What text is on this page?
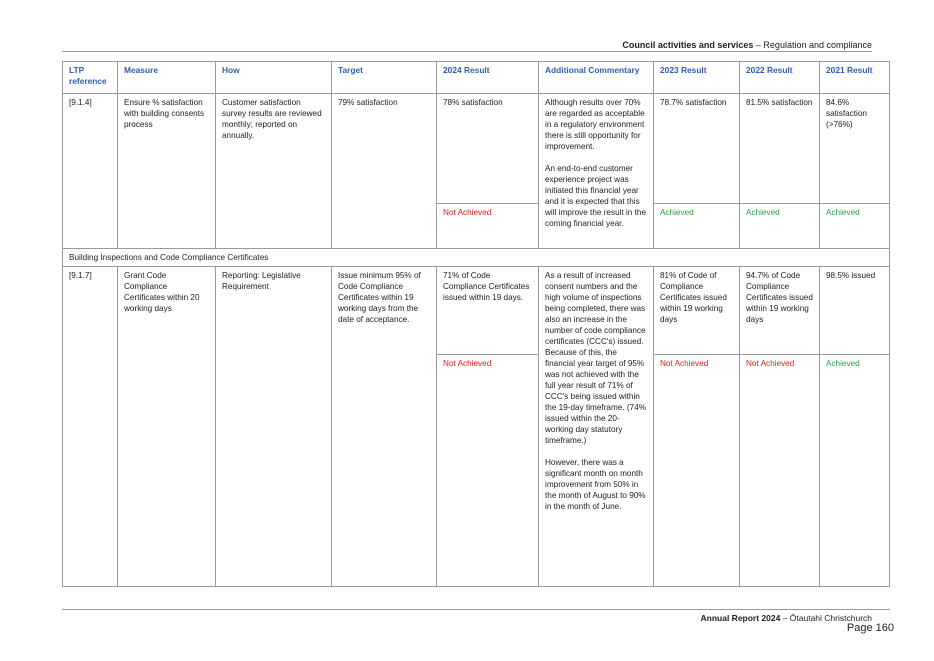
Council activities and services – Regulation and compliance
LTP reference	Measure	How	Target	2024 Result	Additional Commentary	2023 Result	2022 Result	2021 Result
[9.1.4]	Ensure % satisfaction with building consents process	Customer satisfaction survey results are reviewed monthly; reported on annually.	79% satisfaction	78% satisfaction	Although results over 70% are regarded as acceptable in a regulatory environment there is still opportunity for improvement.
An end-to-end customer experience project was initiated this financial year and it is expected that this will improve the result in the coming financial year.	78.7% satisfaction	81.5% satisfaction	84.6% satisfaction (>76%)
				Not Achieved		Achieved	Achieved	Achieved
Building Inspections and Code Compliance Certificates								
[9.1.7]	Grant Code Compliance Certificates within 20 working days	Reporting: Legislative Requirement	Issue minimum 95% of Code Compliance Certificates within 19 working days from the date of acceptance.	71% of Code Compliance Certificates issued within 19 days.	As a result of increased consent numbers and the high volume of inspections being completed, there was also an increase in the number of code compliance certificates (CCC's) issued. Because of this, the financial year target of 95% was not achieved with the full year result of 71% of CCC's being issued within the 19-day timeframe. (74% issued within the 20-working day statutory timeframe.)
However, there was a significant month on month improvement from 50% in the month of August to 90% in the month of June.	81% of Code of Compliance Certificates issued within 19 working days	94.7% of Code Compliance Certificates issued within 19 working days	98.5% issued
				Not Achieved		Not Achieved	Not Achieved	Achieved
Annual Report 2024 – Ōtautahi Christchurch
Page 160
